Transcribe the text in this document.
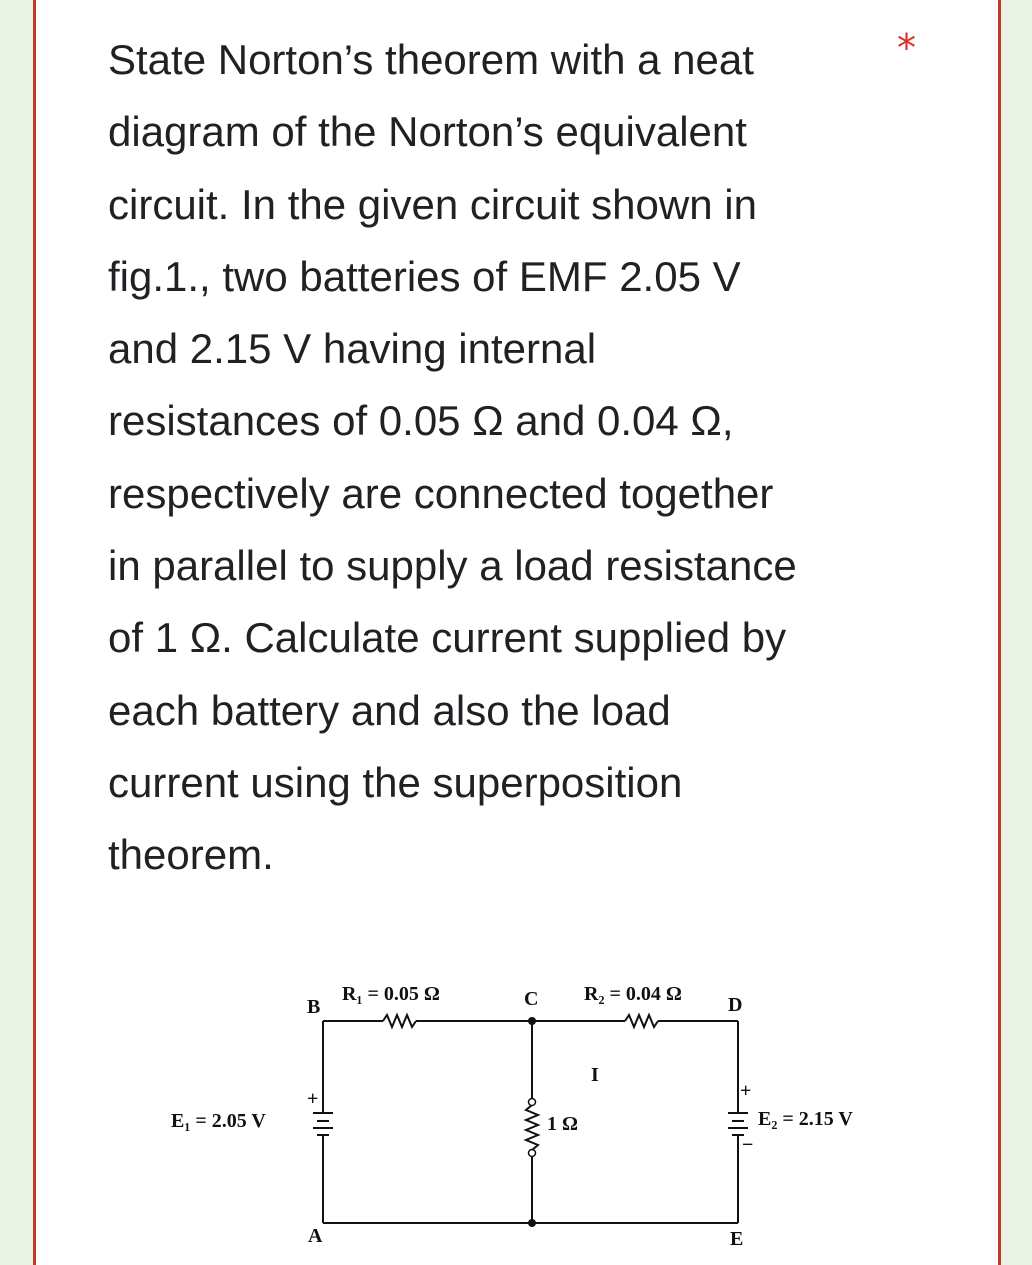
State Norton’s theorem with a neat
diagram of the Norton’s equivalent
circuit. In the given circuit shown in
fig.1., two batteries of EMF 2.05 V
and 2.15 V having internal
resistances of 0.05 Ω and 0.04 Ω,
respectively are connected together
in parallel to supply a load resistance
of 1 Ω. Calculate current supplied by
each battery and also the load
current using the superposition
theorem.

*
R₁ = 0.05 Ω	R₂ = 0.04 Ω
B	C	D
A	E
I
1 Ω
E₁ = 2.05 V	E₂ = 2.15 V
+	+
−
